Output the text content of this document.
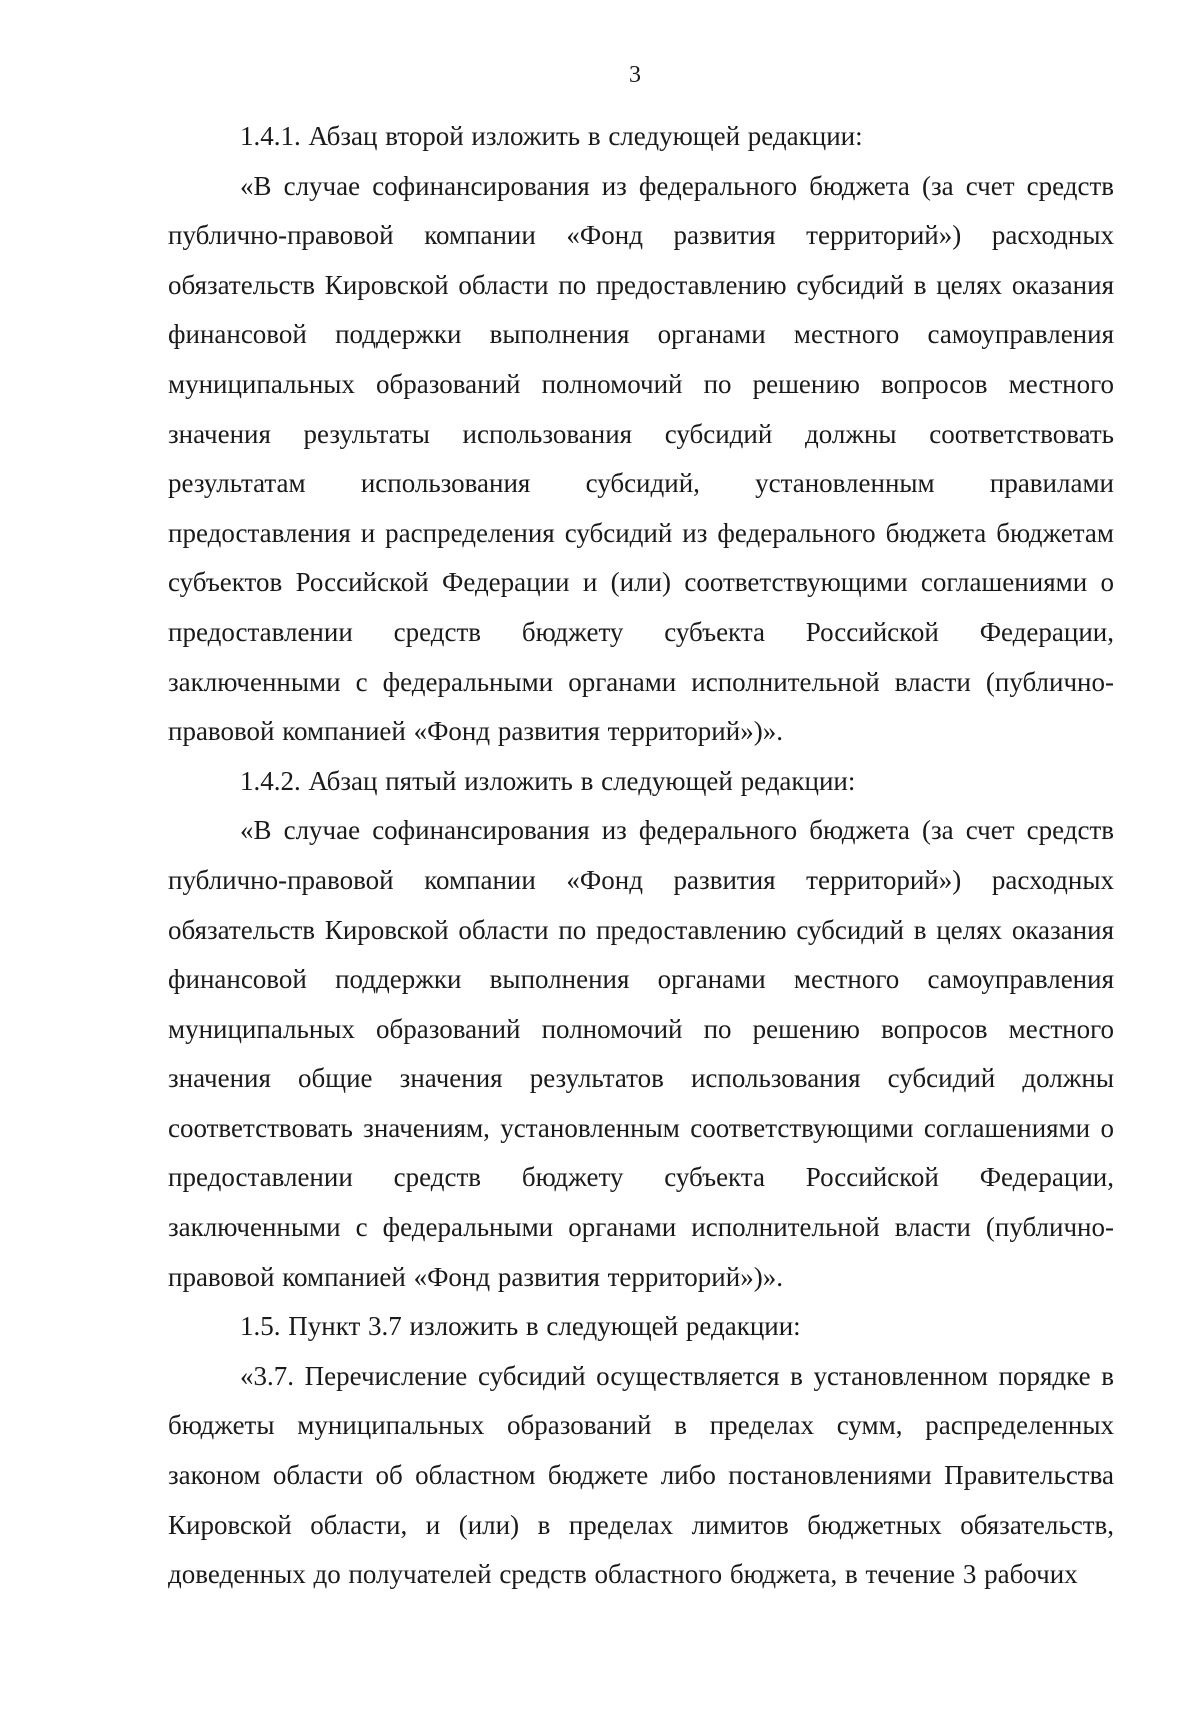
3

1.4.1. Абзац второй изложить в следующей редакции:

«В случае софинансирования из федерального бюджета (за счет средств публично-правовой компании «Фонд развития территорий») расходных обязательств Кировской области по предоставлению субсидий в целях оказания финансовой поддержки выполнения органами местного самоуправления муниципальных образований полномочий по решению вопросов местного значения результаты использования субсидий должны соответствовать результатам использования субсидий, установленным правилами предоставления и распределения субсидий из федерального бюджета бюджетам субъектов Российской Федерации и (или) соответствующими соглашениями о предоставлении средств бюджету субъекта Российской Федерации, заключенными с федеральными органами исполнительной власти (публично-правовой компанией «Фонд развития территорий»)».

1.4.2. Абзац пятый изложить в следующей редакции:

«В случае софинансирования из федерального бюджета (за счет средств публично-правовой компании «Фонд развития территорий») расходных обязательств Кировской области по предоставлению субсидий в целях оказания финансовой поддержки выполнения органами местного самоуправления муниципальных образований полномочий по решению вопросов местного значения общие значения результатов использования субсидий должны соответствовать значениям, установленным соответствующими соглашениями о предоставлении средств бюджету субъекта Российской Федерации, заключенными с федеральными органами исполнительной власти (публично-правовой компанией «Фонд развития территорий»)».

1.5. Пункт 3.7 изложить в следующей редакции:

«3.7. Перечисление субсидий осуществляется в установленном порядке в бюджеты муниципальных образований в пределах сумм, распределенных законом области об областном бюджете либо постановлениями Правительства Кировской области, и (или) в пределах лимитов бюджетных обязательств, доведенных до получателей средств областного бюджета, в течение 3 рабочих
